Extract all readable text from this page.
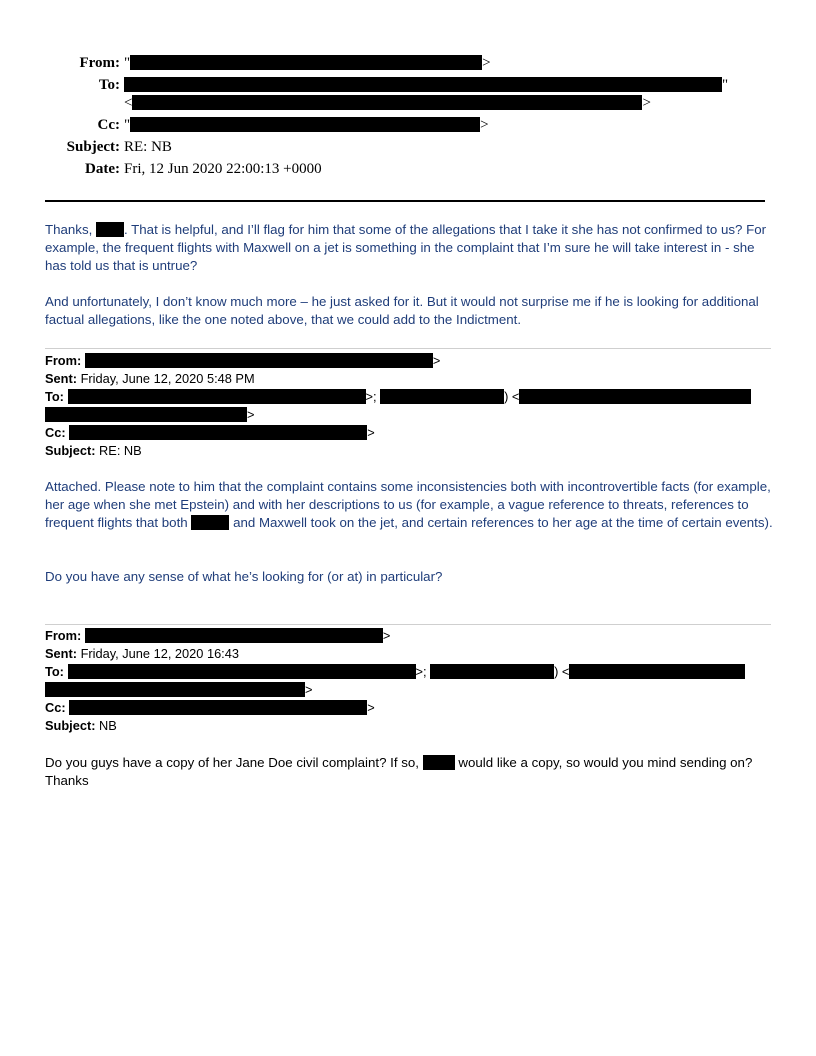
From: "	>
To:	"
<	>
Cc: "	>
Subject: RE: NB
Date: Fri, 12 Jun 2020 22:00:13 +0000

Thanks, . That is helpful, and I’ll flag for him that some of the allegations that I take it she has not confirmed to us? For example, the frequent flights with Maxwell on a jet is something in the complaint that I’m sure he will take interest in - she has told us that is untrue?

And unfortunately, I don’t know much more – he just asked for it. But it would not surprise me if he is looking for additional factual allegations, like the one noted above, that we could add to the Indictment.

From:	>
Sent: Friday, June 12, 2020 5:48 PM
To:	>;	) <
>
Cc:	>
Subject: RE: NB

Attached. Please note to him that the complaint contains some inconsistencies both with incontrovertible facts (for example, her age when she met Epstein) and with her descriptions to us (for example, a vague reference to threats, references to frequent flights that both	and Maxwell took on the jet, and certain references to her age at the time of certain events).

Do you have any sense of what he’s looking for (or at) in particular?

From:	>
Sent: Friday, June 12, 2020 16:43
To:	>;	) <
>
Cc:	>
Subject: NB

Do you guys have a copy of her Jane Doe civil complaint? If so,	would like a copy, so would you mind sending on?

Thanks
